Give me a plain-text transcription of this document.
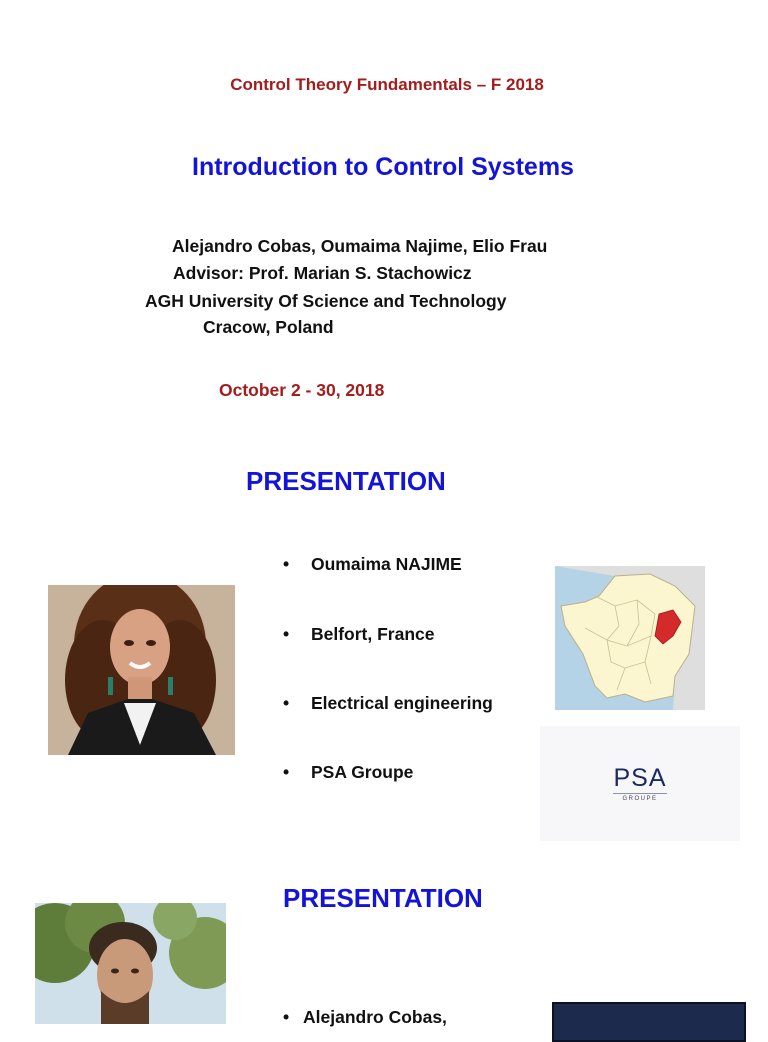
Control Theory Fundamentals – F 2018
Introduction to Control Systems
Alejandro Cobas, Oumaima Najime, Elio Frau
Advisor: Prof. Marian S. Stachowicz
AGH University Of Science and Technology
Cracow, Poland
October 2 - 30, 2018
PRESENTATION
• Oumaima NAJIME
• Belfort, France
• Electrical engineering
• PSA Groupe	PSA
GROUPE
PRESENTATION
• Alejandro Cobas,
